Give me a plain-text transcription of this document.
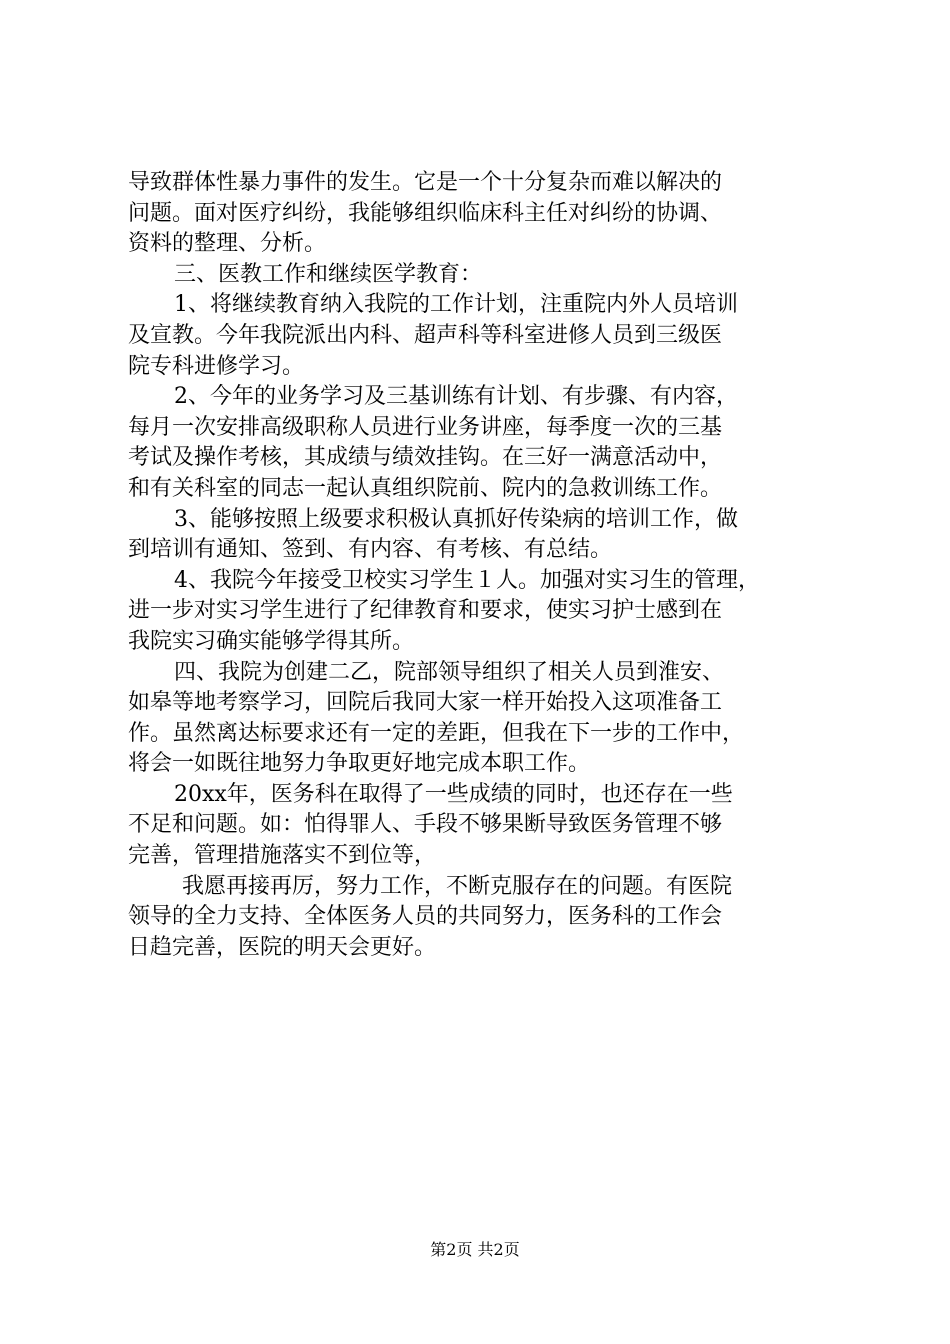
导致群体性暴力事件的发生。它是一个十分复杂而难以解决的
问题。面对医疗纠纷，我能够组织临床科主任对纠纷的协调、
资料的整理、分析。
三、医教工作和继续医学教育：
1、将继续教育纳入我院的工作计划，注重院内外人员培训
及宣教。今年我院派出内科、超声科等科室进修人员到三级医
院专科进修学习。
2、今年的业务学习及三基训练有计划、有步骤、有内容，
每月一次安排高级职称人员进行业务讲座，每季度一次的三基
考试及操作考核，其成绩与绩效挂钩。在三好一满意活动中，
和有关科室的同志一起认真组织院前、院内的急救训练工作。
3、能够按照上级要求积极认真抓好传染病的培训工作，做
到培训有通知、签到、有内容、有考核、有总结。
4、我院今年接受卫校实习学生１人。加强对实习生的管理，
进一步对实习学生进行了纪律教育和要求，使实习护士感到在
我院实习确实能够学得其所。
四、我院为创建二乙，院部领导组织了相关人员到淮安、
如皋等地考察学习，回院后我同大家一样开始投入这项准备工
作。虽然离达标要求还有一定的差距，但我在下一步的工作中，
将会一如既往地努力争取更好地完成本职工作。
20xx年，医务科在取得了一些成绩的同时，也还存在一些
不足和问题。如：怕得罪人、手段不够果断导致医务管理不够
完善，管理措施落实不到位等，
我愿再接再厉，努力工作，不断克服存在的问题。有医院
领导的全力支持、全体医务人员的共同努力，医务科的工作会
日趋完善，医院的明天会更好。
第2页 共2页
